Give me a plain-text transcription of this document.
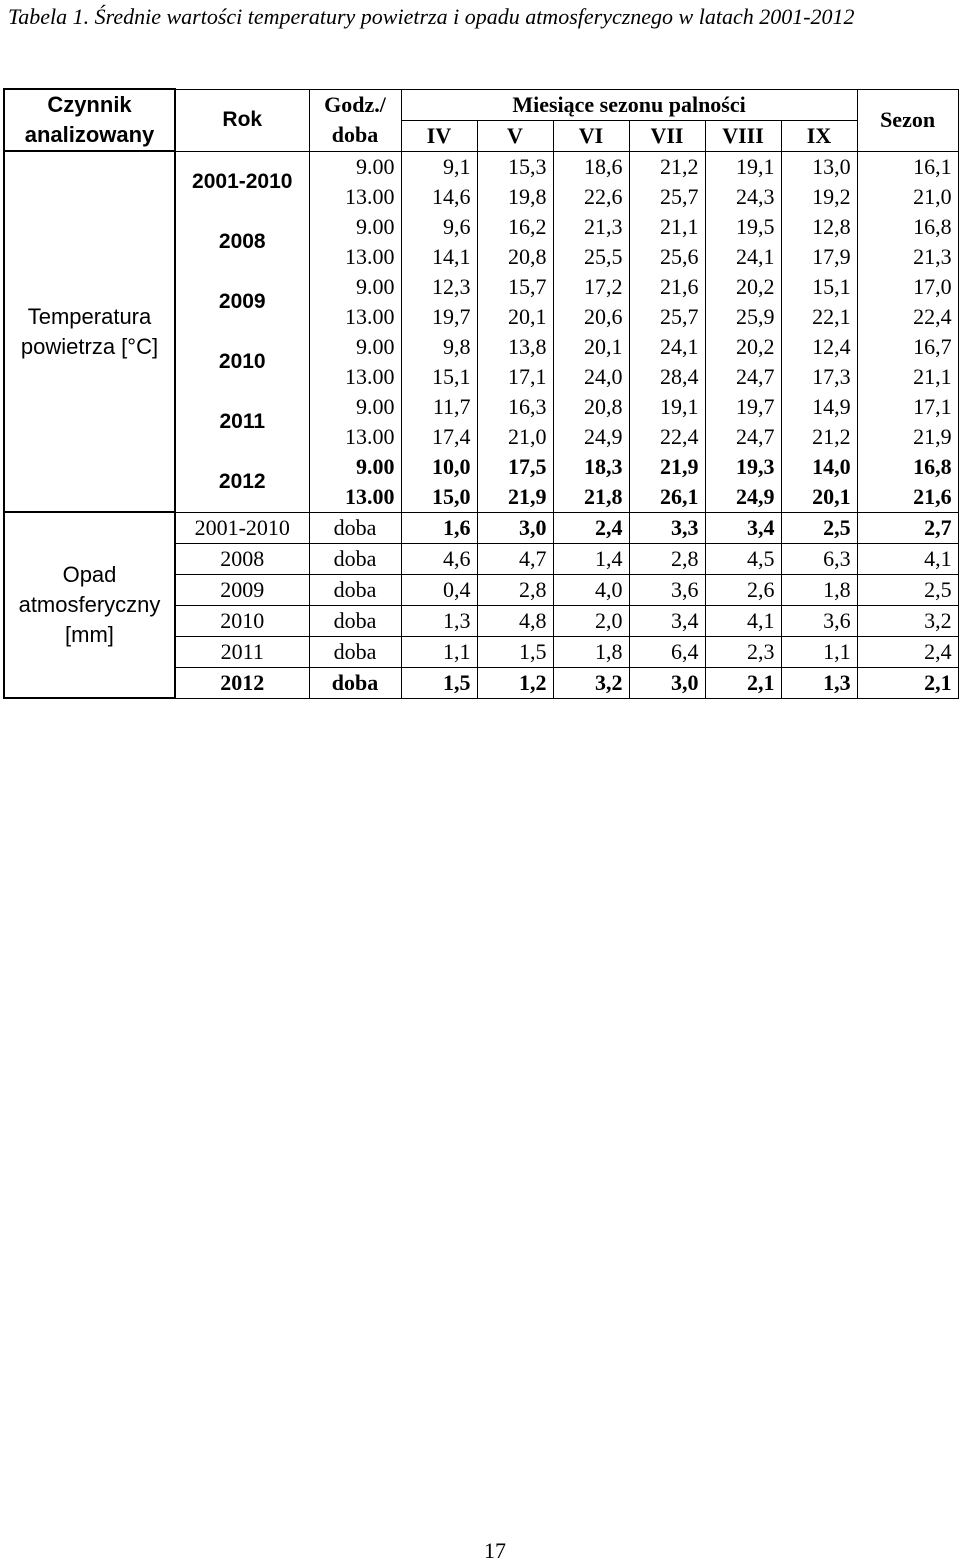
Tabela 1. Średnie wartości temperatury powietrza i opadu atmosferycznego w latach 2001-2012
Czynnik analizowany	Rok	Godz./ doba	Miesiące sezonu palności						Sezon
			IV	V	VI	VII	VIII	IX	
Temperatura powietrza [°C]	2001-2010	9.00	9,1	15,3	18,6	21,2	19,1	13,0	16,1
		13.00	14,6	19,8	22,6	25,7	24,3	19,2	21,0
	2008	9.00	9,6	16,2	21,3	21,1	19,5	12,8	16,8
		13.00	14,1	20,8	25,5	25,6	24,1	17,9	21,3
	2009	9.00	12,3	15,7	17,2	21,6	20,2	15,1	17,0
		13.00	19,7	20,1	20,6	25,7	25,9	22,1	22,4
	2010	9.00	9,8	13,8	20,1	24,1	20,2	12,4	16,7
		13.00	15,1	17,1	24,0	28,4	24,7	17,3	21,1
	2011	9.00	11,7	16,3	20,8	19,1	19,7	14,9	17,1
		13.00	17,4	21,0	24,9	22,4	24,7	21,2	21,9
	2012	9.00	10,0	17,5	18,3	21,9	19,3	14,0	16,8
		13.00	15,0	21,9	21,8	26,1	24,9	20,1	21,6
Opad atmosferyczny [mm]	2001-2010	doba	1,6	3,0	2,4	3,3	3,4	2,5	2,7
	2008	doba	4,6	4,7	1,4	2,8	4,5	6,3	4,1
	2009	doba	0,4	2,8	4,0	3,6	2,6	1,8	2,5
	2010	doba	1,3	4,8	2,0	3,4	4,1	3,6	3,2
	2011	doba	1,1	1,5	1,8	6,4	2,3	1,1	2,4
	2012	doba	1,5	1,2	3,2	3,0	2,1	1,3	2,1
17
